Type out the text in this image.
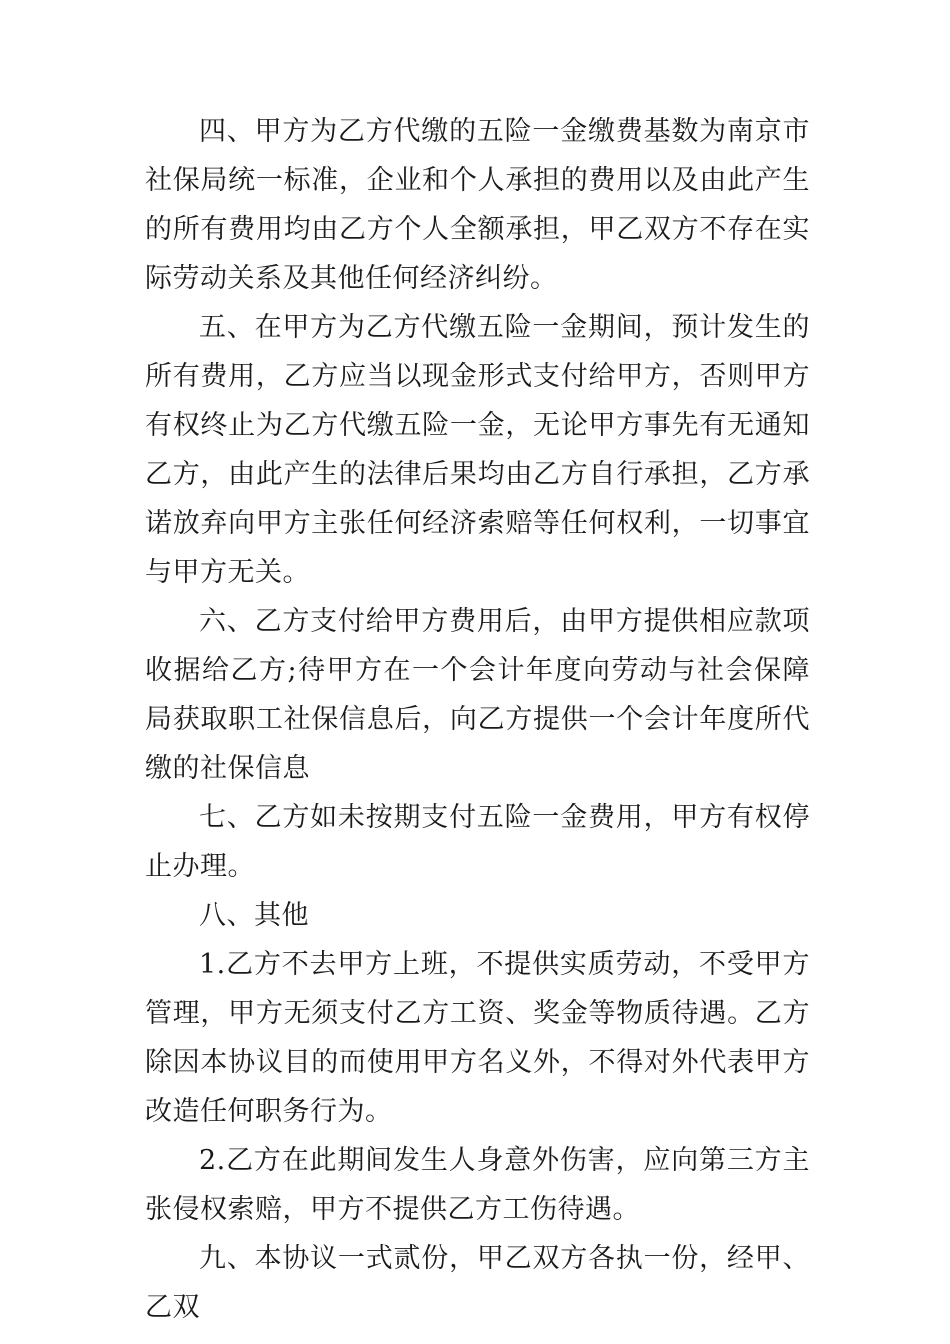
四、甲方为乙方代缴的五险一金缴费基数为南京市社保局统一标准，企业和个人承担的费用以及由此产生的所有费用均由乙方个人全额承担，甲乙双方不存在实际劳动关系及其他任何经济纠纷。

五、在甲方为乙方代缴五险一金期间，预计发生的所有费用，乙方应当以现金形式支付给甲方，否则甲方有权终止为乙方代缴五险一金，无论甲方事先有无通知乙方，由此产生的法律后果均由乙方自行承担，乙方承诺放弃向甲方主张任何经济索赔等任何权利，一切事宜与甲方无关。

六、乙方支付给甲方费用后，由甲方提供相应款项收据给乙方;待甲方在一个会计年度向劳动与社会保障局获取职工社保信息后，向乙方提供一个会计年度所代缴的社保信息

七、乙方如未按期支付五险一金费用，甲方有权停止办理。

八、其他

1.乙方不去甲方上班，不提供实质劳动，不受甲方管理，甲方无须支付乙方工资、奖金等物质待遇。乙方除因本协议目的而使用甲方名义外，不得对外代表甲方改造任何职务行为。

2.乙方在此期间发生人身意外伤害，应向第三方主张侵权索赔，甲方不提供乙方工伤待遇。

九、本协议一式贰份，甲乙双方各执一份，经甲、乙双
